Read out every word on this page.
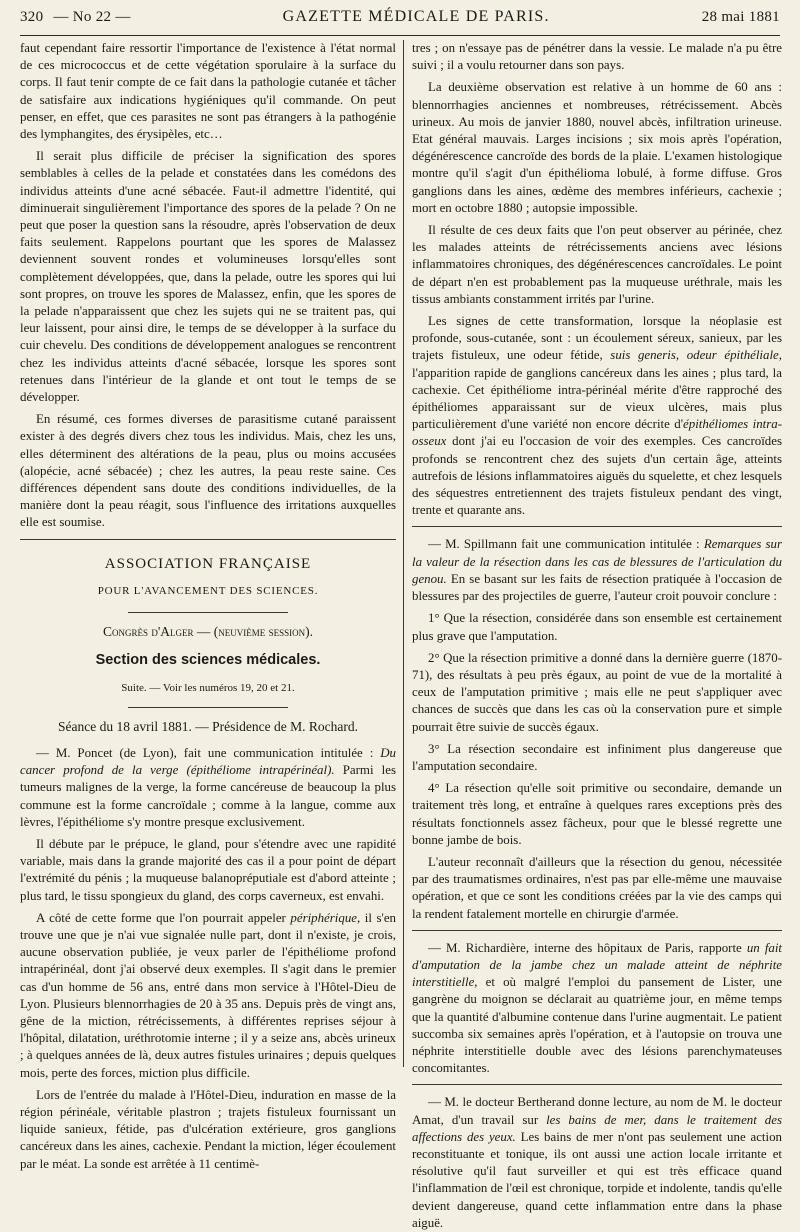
320 — No 22 —	GAZETTE MÉDICALE DE PARIS.	28 mai 1881

faut cependant faire ressortir l'importance de l'existence à l'état normal de ces micrococcus et de cette végétation sporulaire à la surface du corps. Il faut tenir compte de ce fait dans la pathologie cutanée et tâcher de satisfaire aux indications hygiéniques qu'il commande. On peut penser, en effet, que ces parasites ne sont pas étrangers à la pathogénie des lymphangites, des érysipèles, etc…

Il serait plus difficile de préciser la signification des spores semblables à celles de la pelade et constatées dans les comédons des individus atteints d'une acné sébacée. Faut-il admettre l'identité, qui diminuerait singulièrement l'importance des spores de la pelade ? On ne peut que poser la question sans la résoudre, après l'observation de deux faits seulement. Rappelons pourtant que les spores de Malassez deviennent souvent rondes et volumineuses lorsqu'elles sont complètement développées, que, dans la pelade, outre les spores qui lui sont propres, on trouve les spores de Malassez, enfin, que les spores de la pelade n'apparaissent que chez les sujets qui ne se traitent pas, qui leur laissent, pour ainsi dire, le temps de se développer à la surface du cuir chevelu. Des conditions de développement analogues se rencontrent chez les individus atteints d'acné sébacée, lorsque les spores sont retenues dans l'intérieur de la glande et ont tout le temps de se développer.

En résumé, ces formes diverses de parasitisme cutané paraissent exister à des degrés divers chez tous les individus. Mais, chez les uns, elles déterminent des altérations de la peau, plus ou moins accusées (alopécie, acné sébacée) ; chez les autres, la peau reste saine. Ces différences dépendent sans doute des conditions individuelles, de la manière dont la peau réagit, sous l'influence des irritations auxquelles elle est soumise.

ASSOCIATION FRANÇAISE
POUR L'AVANCEMENT DES SCIENCES.
Congrès d'Alger — (neuvième session).
Section des sciences médicales.
Suite. — Voir les numéros 19, 20 et 21.
Séance du 18 avril 1881. — Présidence de M. Rochard.

— M. Poncet (de Lyon), fait une communication intitulée : Du cancer profond de la verge (épithéliome intrapérinéal). Parmi les tumeurs malignes de la verge, la forme cancéreuse de beaucoup la plus commune est la forme cancroïdale ; comme à la langue, comme aux lèvres, l'épithéliome s'y montre presque exclusivement.

Il débute par le prépuce, le gland, pour s'étendre avec une rapidité variable, mais dans la grande majorité des cas il a pour point de départ l'extrémité du pénis ; la muqueuse balanopréputiale est d'abord atteinte ; plus tard, le tissu spongieux du gland, des corps caverneux, est envahi.

A côté de cette forme que l'on pourrait appeler périphérique, il s'en trouve une que je n'ai vue signalée nulle part, dont il n'existe, je crois, aucune observation publiée, je veux parler de l'épithéliome profond intrapérinéal, dont j'ai observé deux exemples. Il s'agit dans le premier cas d'un homme de 56 ans, entré dans mon service à l'Hôtel-Dieu de Lyon. Plusieurs blennorrhagies de 20 à 35 ans. Depuis près de vingt ans, gêne de la miction, rétrécissements, à différentes reprises séjour à l'hôpital, dilatation, uréthrotomie interne ; il y a seize ans, abcès urineux ; à quelques années de là, deux autres fistules urinaires ; depuis quelques mois, perte des forces, miction plus difficile.

Lors de l'entrée du malade à l'Hôtel-Dieu, induration en masse de la région périnéale, véritable plastron ; trajets fistuleux fournissant un liquide sanieux, fétide, pas d'ulcération extérieure, gros ganglions cancéreux dans les aines, cachexie. Pendant la miction, léger écoulement par le méat. La sonde est arrêtée à 11 centimè-

tres ; on n'essaye pas de pénétrer dans la vessie. Le malade n'a pu être suivi ; il a voulu retourner dans son pays.

La deuxième observation est relative à un homme de 60 ans : blennorrhagies anciennes et nombreuses, rétrécissement. Abcès urineux. Au mois de janvier 1880, nouvel abcès, infiltration urineuse. Etat général mauvais. Larges incisions ; six mois après l'opération, dégénérescence cancroïde des bords de la plaie. L'examen histologique montre qu'il s'agit d'un épithélioma lobulé, à forme diffuse. Gros ganglions dans les aines, œdème des membres inférieurs, cachexie ; mort en octobre 1880 ; autopsie impossible.

Il résulte de ces deux faits que l'on peut observer au périnée, chez les malades atteints de rétrécissements anciens avec lésions inflammatoires chroniques, des dégénérescences cancroïdales. Le point de départ n'en est probablement pas la muqueuse uréthrale, mais les tissus ambiants constamment irrités par l'urine.

Les signes de cette transformation, lorsque la néoplasie est profonde, sous-cutanée, sont : un écoulement séreux, sanieux, par les trajets fistuleux, une odeur fétide, suis generis, odeur épithéliale, l'apparition rapide de ganglions cancéreux dans les aines ; plus tard, la cachexie. Cet épithéliome intra-périnéal mérite d'être rapproché des épithéliomes apparaissant sur de vieux ulcères, mais plus particulièrement d'une variété non encore décrite d'épithéliomes intra-osseux dont j'ai eu l'occasion de voir des exemples. Ces cancroïdes profonds se rencontrent chez des sujets d'un certain âge, atteints autrefois de lésions inflammatoires aiguës du squelette, et chez lesquels des séquestres entretiennent des trajets fistuleux pendant des vingt, trente et quarante ans.

— M. Spillmann fait une communication intitulée : Remarques sur la valeur de la résection dans les cas de blessures de l'articulation du genou. En se basant sur les faits de résection pratiquée à l'occasion de blessures par des projectiles de guerre, l'auteur croit pouvoir conclure :

1° Que la résection, considérée dans son ensemble est certainement plus grave que l'amputation.

2° Que la résection primitive a donné dans la dernière guerre (1870-71), des résultats à peu près égaux, au point de vue de la mortalité à ceux de l'amputation primitive ; mais elle ne peut s'appliquer avec chances de succès que dans les cas où la conservation pure et simple pourrait être suivie de succès égaux.

3° La résection secondaire est infiniment plus dangereuse que l'amputation secondaire.

4° La résection qu'elle soit primitive ou secondaire, demande un traitement très long, et entraîne à quelques rares exceptions près des résultats fonctionnels assez fâcheux, pour que le blessé regrette une bonne jambe de bois.

L'auteur reconnaît d'ailleurs que la résection du genou, nécessitée par des traumatismes ordinaires, n'est pas par elle-même une mauvaise opération, et que ce sont les conditions créées par la vie des camps qui la rendent fatalement mortelle en chirurgie d'armée.

— M. Richardière, interne des hôpitaux de Paris, rapporte un fait d'amputation de la jambe chez un malade atteint de néphrite interstitielle, et où malgré l'emploi du pansement de Lister, une gangrène du moignon se déclarait au quatrième jour, en même temps que la quantité d'albumine contenue dans l'urine augmentait. Le patient succomba six semaines après l'opération, et à l'autopsie on trouva une néphrite interstitielle double avec des lésions parenchymateuses concomitantes.

— M. le docteur Bertherand donne lecture, au nom de M. le docteur Amat, d'un travail sur les bains de mer, dans le traitement des affections des yeux. Les bains de mer n'ont pas seulement une action reconstituante et tonique, ils ont aussi une action locale irritante et résolutive qu'il faut surveiller et qui est très efficace quand l'inflammation de l'œil est chronique, torpide et indolente, tandis qu'elle devient dangereuse, quand cette inflammation entre dans la phase aiguë.
